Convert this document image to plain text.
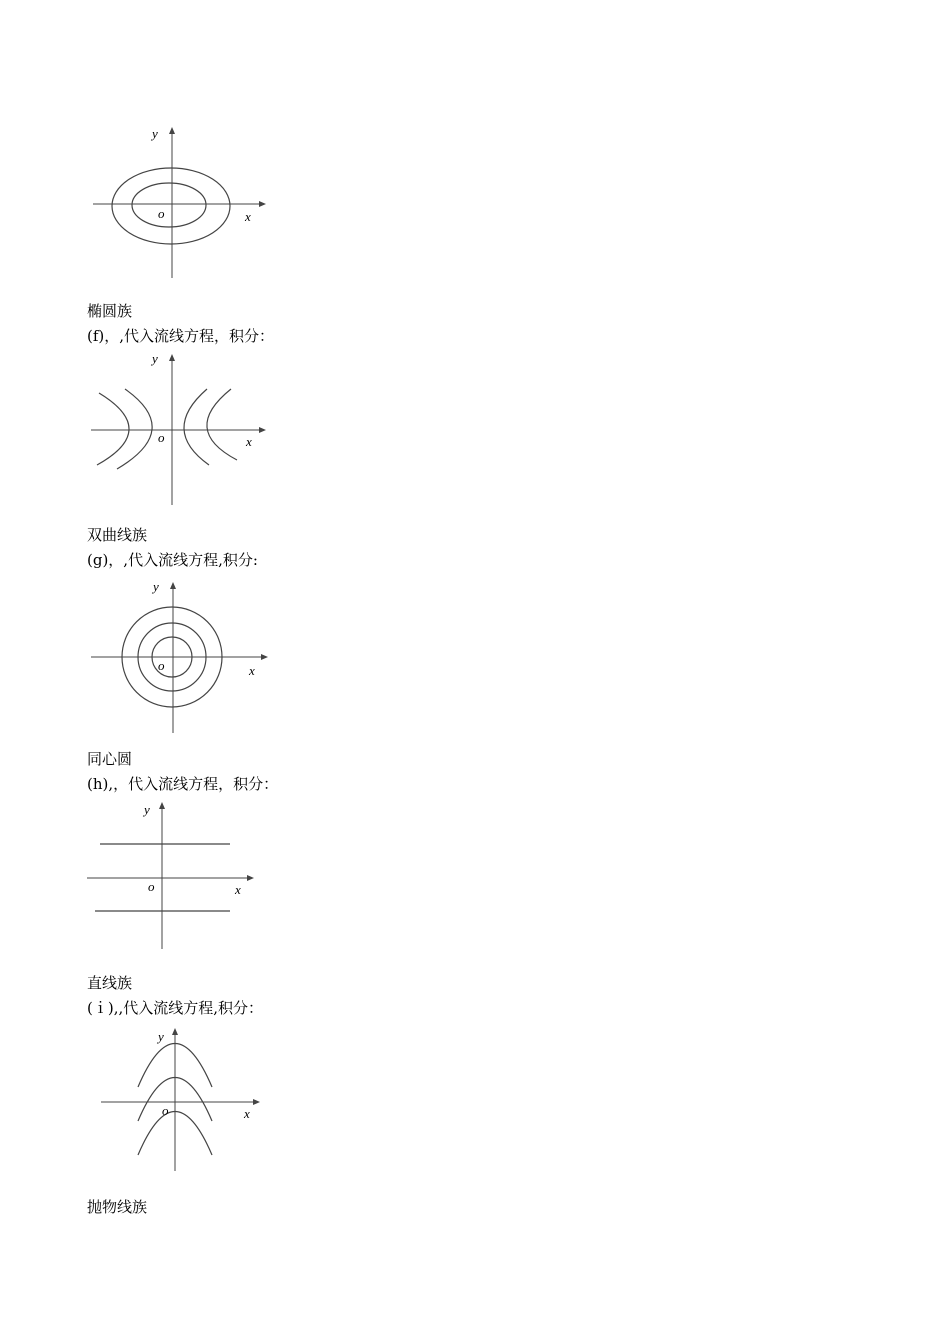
y
o	x
椭圆族
(f)，,代入流线方程，积分：
y
o	x
双曲线族
(g)，,代入流线方程,积分:
y
o	x
同心圆
(h),，代入流线方程，积分：
y
o	x
直线族
(ｉ),,代入流线方程,积分：
y
o	x
抛物线族
